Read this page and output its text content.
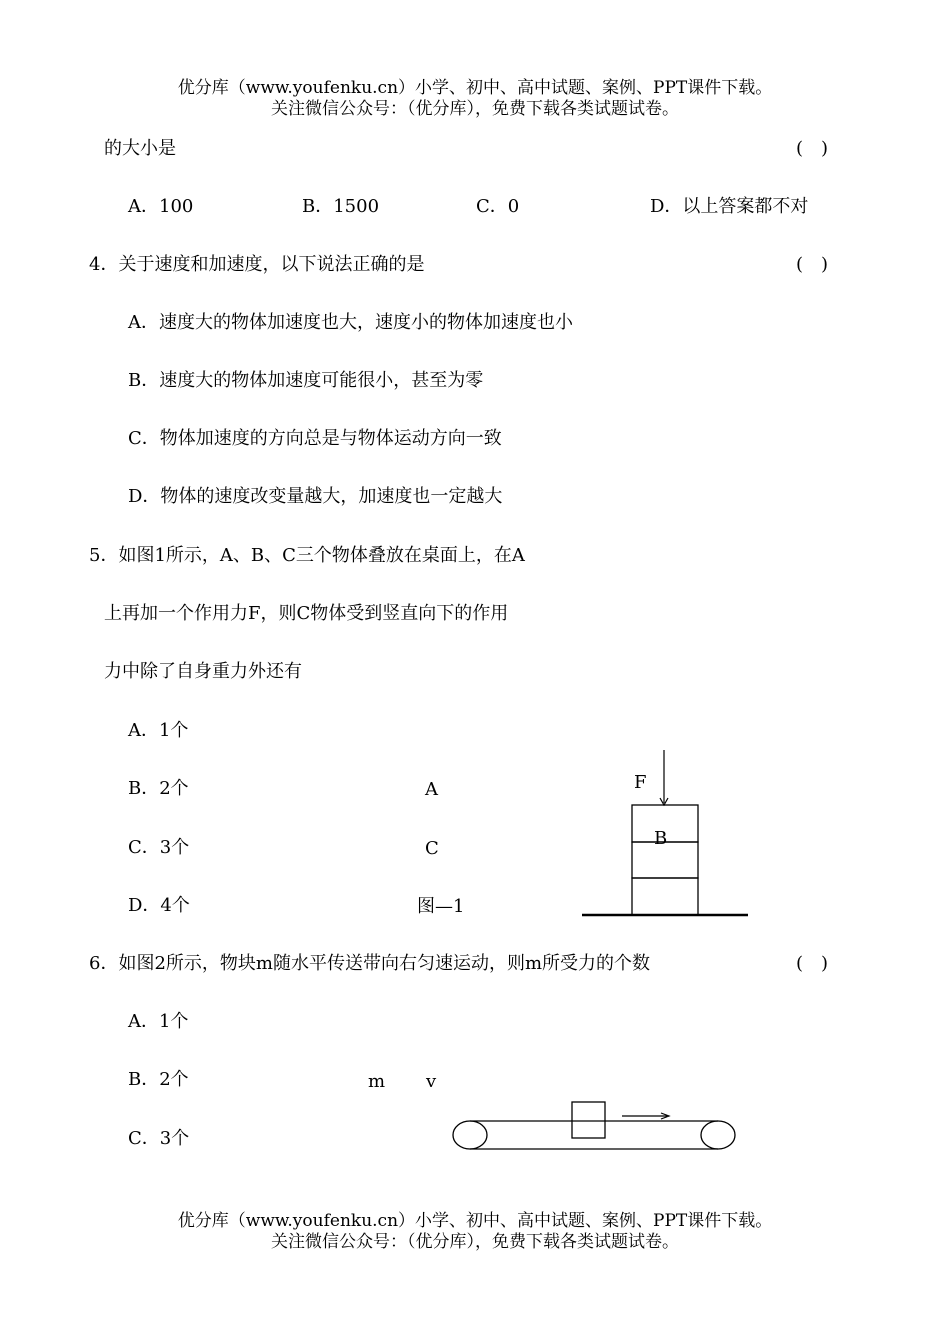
优分库（www.youfenku.cn）小学、初中、高中试题、案例、PPT课件下载。
关注微信公众号：（优分库），免费下载各类试题试卷。
的大小是	(　)
A．100	B．1500	C．0	D．以上答案都不对
4．关于速度和加速度，以下说法正确的是	(　)
A．速度大的物体加速度也大，速度小的物体加速度也小
B．速度大的物体加速度可能很小，甚至为零
C．物体加速度的方向总是与物体运动方向一致
D．物体的速度改变量越大，加速度也一定越大
5．如图1所示，A、B、C三个物体叠放在桌面上，在A
上再加一个作用力F，则C物体受到竖直向下的作用
力中除了自身重力外还有
A．1个
B．2个
C．3个
D．4个
A
C
图—1
F
B
6．如图2所示，物块m随水平传送带向右匀速运动，则m所受力的个数	(　)
A．1个
B．2个
C．3个
m v
优分库（www.youfenku.cn）小学、初中、高中试题、案例、PPT课件下载。
关注微信公众号：（优分库），免费下载各类试题试卷。
